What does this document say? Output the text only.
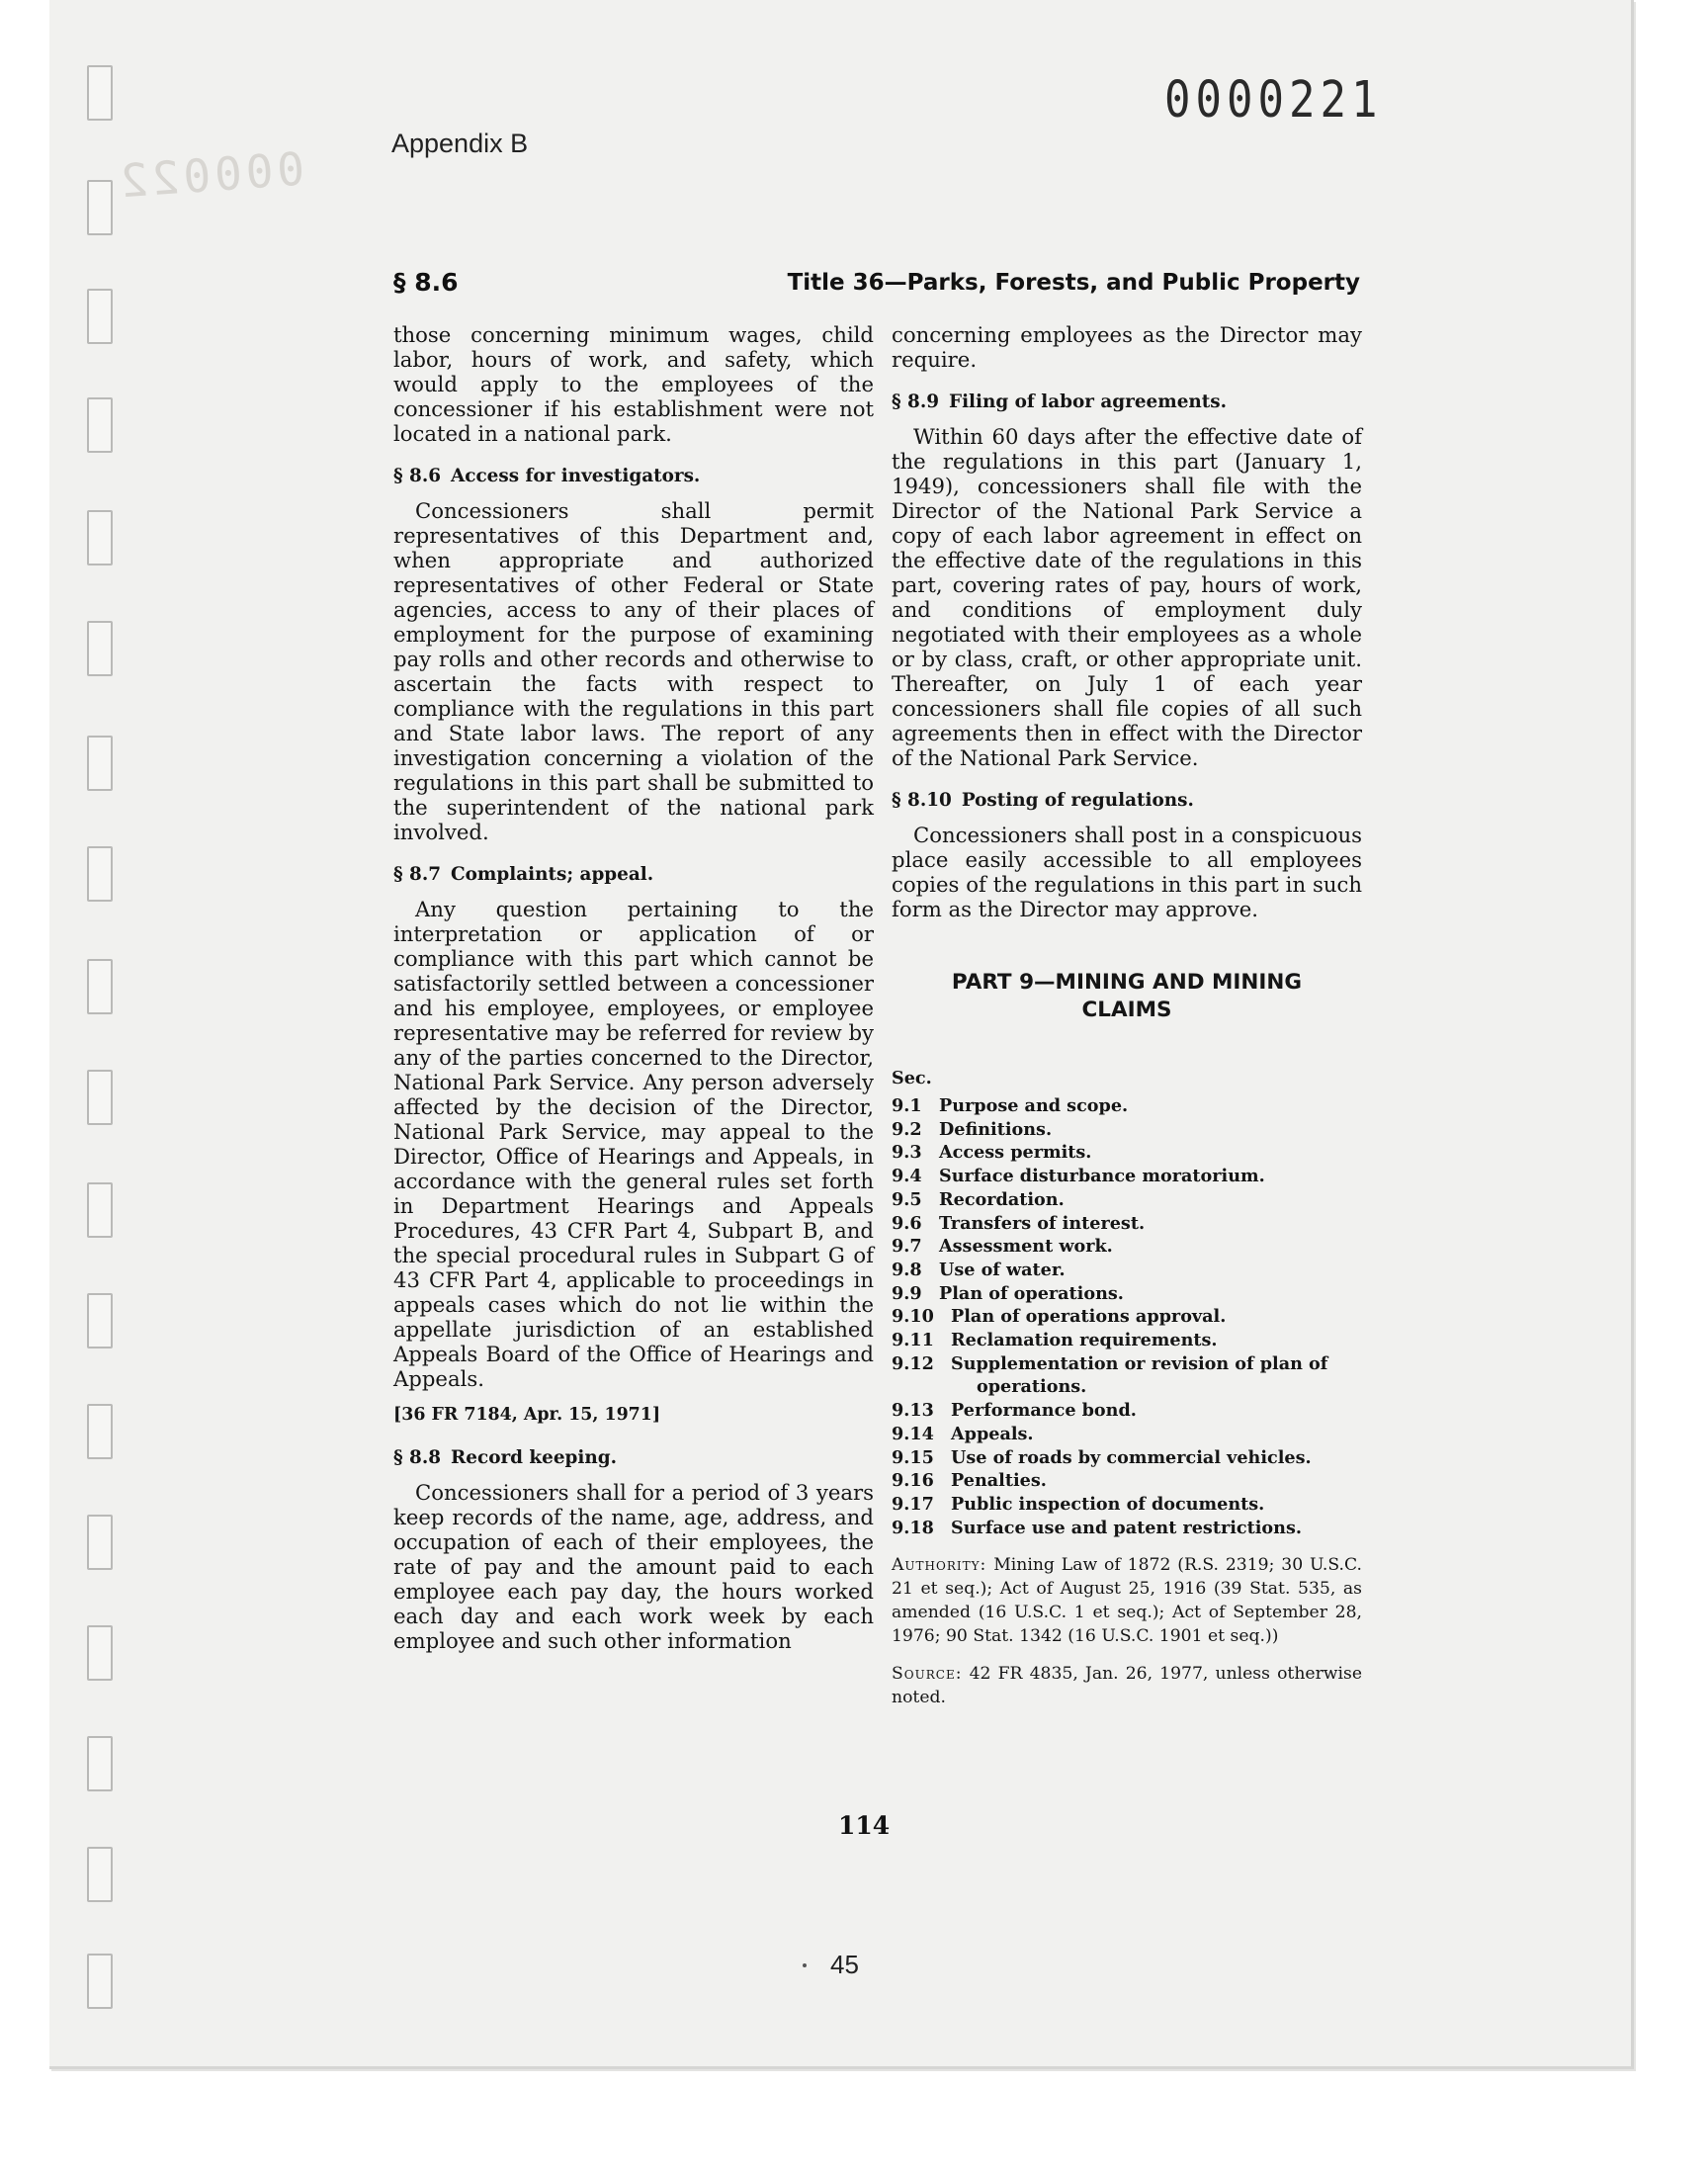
000022
0000221
Appendix B
§ 8.6	Title 36—Parks, Forests, and Public Property

those concerning minimum wages, child labor, hours of work, and safety, which would apply to the employees of the concessioner if his establishment were not located in a national park.

§ 8.6 Access for investigators.

Concessioners shall permit representatives of this Department and, when appropriate and authorized representatives of other Federal or State agencies, access to any of their places of employment for the purpose of examining pay rolls and other records and otherwise to ascertain the facts with respect to compliance with the regulations in this part and State labor laws. The report of any investigation concerning a violation of the regulations in this part shall be submitted to the superintendent of the national park involved.

§ 8.7 Complaints; appeal.

Any question pertaining to the interpretation or application of or compliance with this part which cannot be satisfactorily settled between a concessioner and his employee, employees, or employee representative may be referred for review by any of the parties concerned to the Director, National Park Service. Any person adversely affected by the decision of the Director, National Park Service, may appeal to the Director, Office of Hearings and Appeals, in accordance with the general rules set forth in Department Hearings and Appeals Procedures, 43 CFR Part 4, Subpart B, and the special procedural rules in Subpart G of 43 CFR Part 4, applicable to proceedings in appeals cases which do not lie within the appellate jurisdiction of an established Appeals Board of the Office of Hearings and Appeals.

[36 FR 7184, Apr. 15, 1971]
§ 8.8 Record keeping.

Concessioners shall for a period of 3 years keep records of the name, age, address, and occupation of each of their employees, the rate of pay and the amount paid to each employee each pay day, the hours worked each day and each work week by each employee and such other information

concerning employees as the Director may require.

§ 8.9 Filing of labor agreements.

Within 60 days after the effective date of the regulations in this part (January 1, 1949), concessioners shall file with the Director of the National Park Service a copy of each labor agreement in effect on the effective date of the regulations in this part, covering rates of pay, hours of work, and conditions of employment duly negotiated with their employees as a whole or by class, craft, or other appropriate unit. Thereafter, on July 1 of each year concessioners shall file copies of all such agreements then in effect with the Director of the National Park Service.

§ 8.10 Posting of regulations.

Concessioners shall post in a conspicuous place easily accessible to all employees copies of the regulations in this part in such form as the Director may approve.

PART 9—MINING AND MINING
CLAIMS
Sec.
9.1 Purpose and scope.
9.2 Definitions.
9.3 Access permits.
9.4 Surface disturbance moratorium.
9.5 Recordation.
9.6 Transfers of interest.
9.7 Assessment work.
9.8 Use of water.
9.9 Plan of operations.
9.10 Plan of operations approval.
9.11 Reclamation requirements.
9.12 Supplementation or revision of plan of
operations.
9.13 Performance bond.
9.14 Appeals.
9.15 Use of roads by commercial vehicles.
9.16 Penalties.
9.17 Public inspection of documents.
9.18 Surface use and patent restrictions.
Authority: Mining Law of 1872 (R.S. 2319; 30 U.S.C. 21 et seq.); Act of August 25, 1916 (39 Stat. 535, as amended (16 U.S.C. 1 et seq.); Act of September 28, 1976; 90 Stat. 1342 (16 U.S.C. 1901 et seq.))
Source: 42 FR 4835, Jan. 26, 1977, unless otherwise noted.
114
45
